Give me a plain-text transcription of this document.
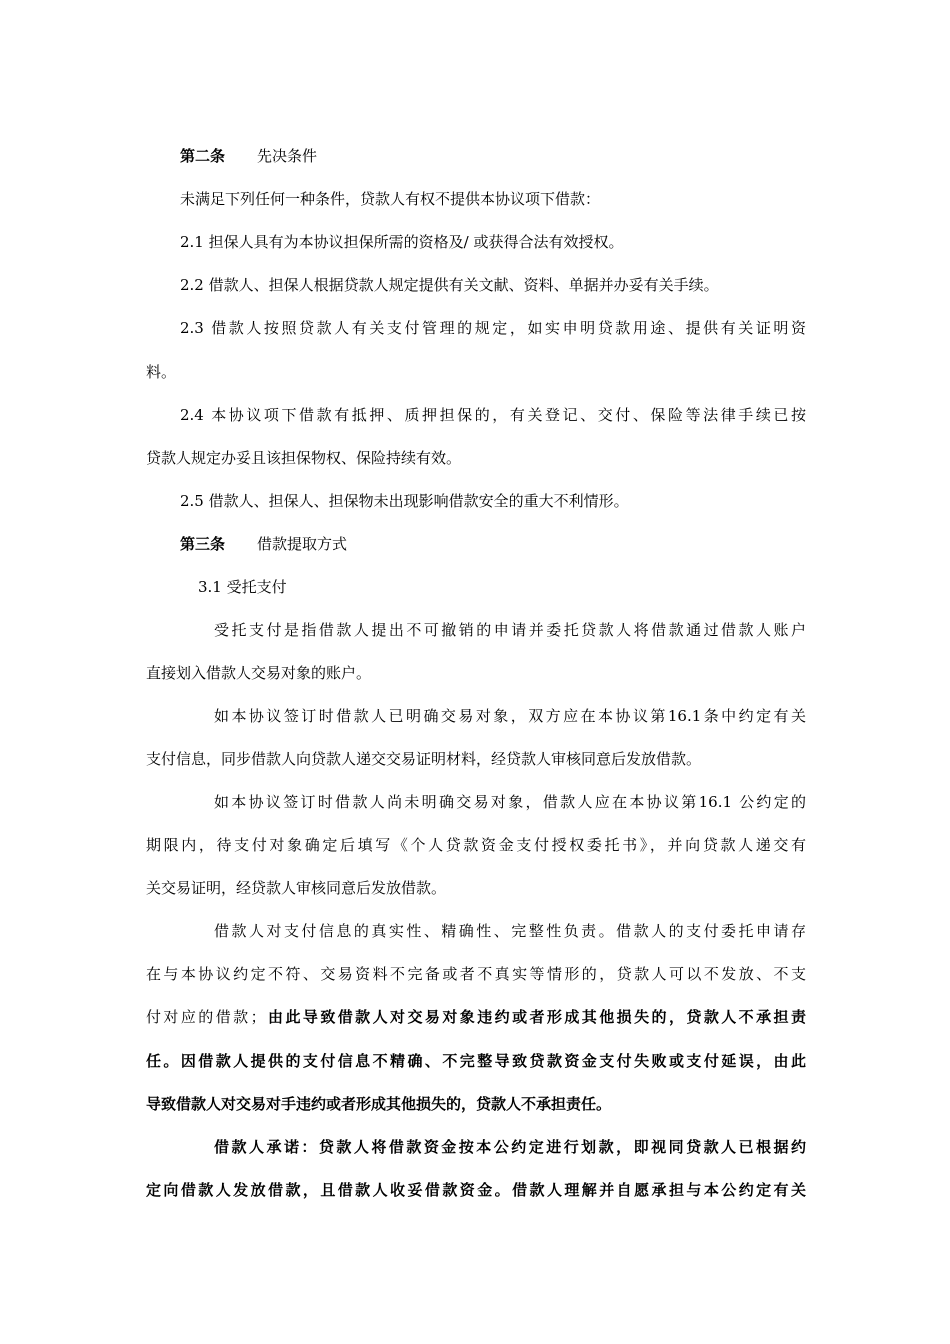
第二条 先决条件

未满足下列任何一种条件，贷款人有权不提供本协议项下借款：

2.1 担保人具有为本协议担保所需的资格及/ 或获得合法有效授权。

2.2 借款人、担保人根据贷款人规定提供有关文献、资料、单据并办妥有关手续。

2.3 借款人按照贷款人有关支付管理的规定，如实申明贷款用途、提供有关证明资

料。

2.4 本协议项下借款有抵押、质押担保的，有关登记、交付、保险等法律手续已按

贷款人规定办妥且该担保物权、保险持续有效。

2.5 借款人、担保人、担保物未出现影响借款安全的重大不利情形。

第三条 借款提取方式

3.1 受托支付

受托支付是指借款人提出不可撤销的申请并委托贷款人将借款通过借款人账户

直接划入借款人交易对象的账户。

如本协议签订时借款人已明确交易对象，双方应在本协议第16.1条中约定有关

支付信息，同步借款人向贷款人递交交易证明材料，经贷款人审核同意后发放借款。

如本协议签订时借款人尚未明确交易对象，借款人应在本协议第16.1 公约定的

期限内，待支付对象确定后填写《个人贷款资金支付授权委托书》，并向贷款人递交有

关交易证明，经贷款人审核同意后发放借款。

借款人对支付信息的真实性、精确性、完整性负责。借款人的支付委托申请存

在与本协议约定不符、交易资料不完备或者不真实等情形的，贷款人可以不发放、不支

付对应的借款；由此导致借款人对交易对象违约或者形成其他损失的，贷款人不承担责

任。因借款人提供的支付信息不精确、不完整导致贷款资金支付失败或支付延误，由此

导致借款人对交易对手违约或者形成其他损失的，贷款人不承担责任。

借款人承诺：贷款人将借款资金按本公约定进行划款，即视同贷款人已根据约

定向借款人发放借款，且借款人收妥借款资金。借款人理解并自愿承担与本公约定有关
